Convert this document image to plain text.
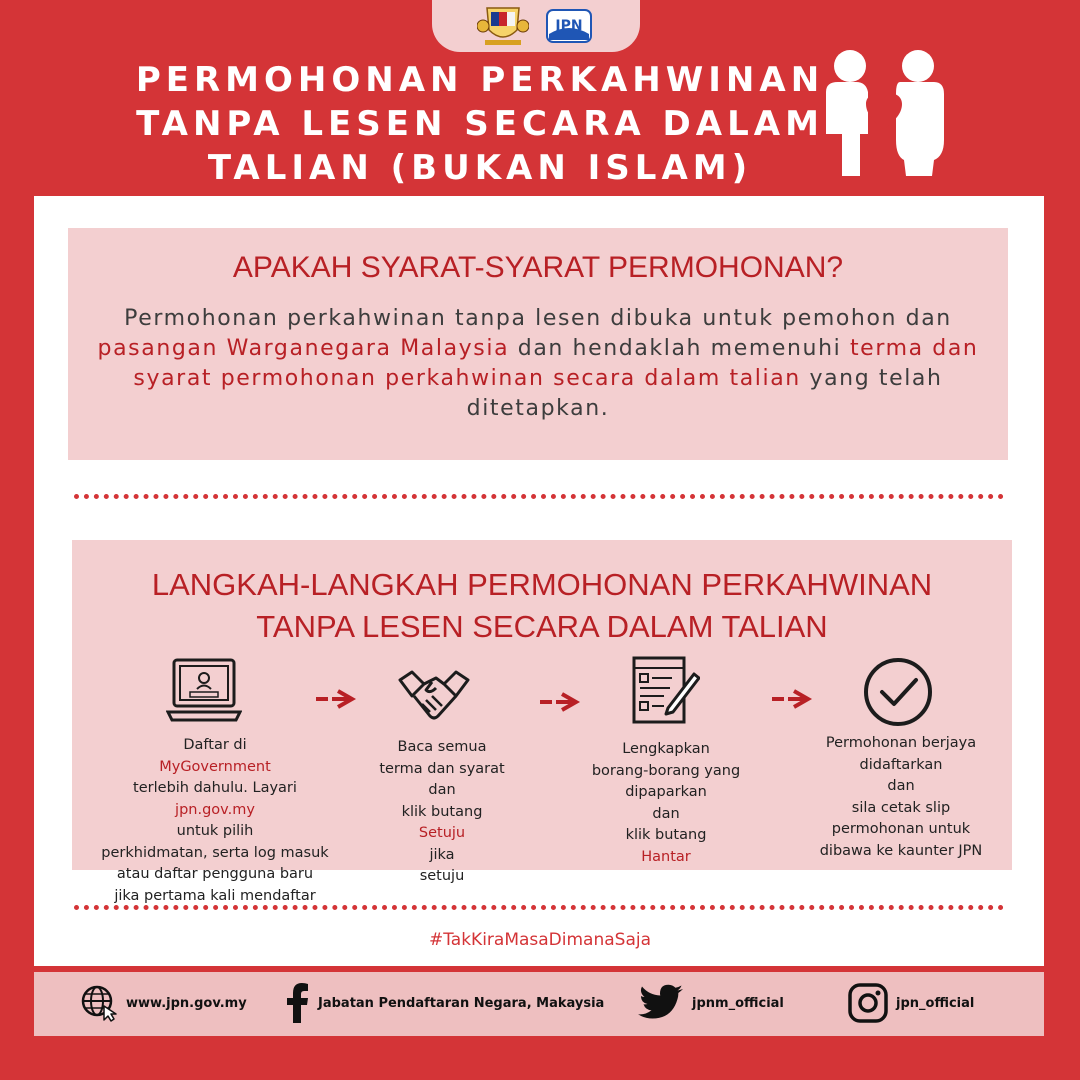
JPN
PERMOHONAN PERKAHWINAN TANPA LESEN SECARA DALAM TALIAN (BUKAN ISLAM)
APAKAH SYARAT-SYARAT PERMOHONAN?

Permohonan perkahwinan tanpa lesen dibuka untuk pemohon dan pasangan Warganegara Malaysia dan hendaklah memenuhi terma dan syarat permohonan perkahwinan secara dalam talian yang telah ditetapkan.

LANGKAH-LANGKAH PERMOHONAN PERKAHWINAN
TANPA LESEN SECARA DALAM TALIAN

Daftar di
MyGovernment
terlebih dahulu. Layari
jpn.gov.my
untuk pilih
perkhidmatan, serta log masuk
atau daftar pengguna baru
jika pertama kali mendaftar

Baca semua
terma dan syarat
dan
klik butang
Setuju
jika
setuju

Lengkapkan
borang-borang yang
dipaparkan
dan
klik butang
Hantar

Permohonan berjaya
didaftarkan
dan
sila cetak slip
permohonan untuk
dibawa ke kaunter JPN

#TakKiraMasaDimanaSaja

www.jpn.gov.my	Jabatan Pendaftaran Negara, Makaysia	jpnm_official	jpn_official
